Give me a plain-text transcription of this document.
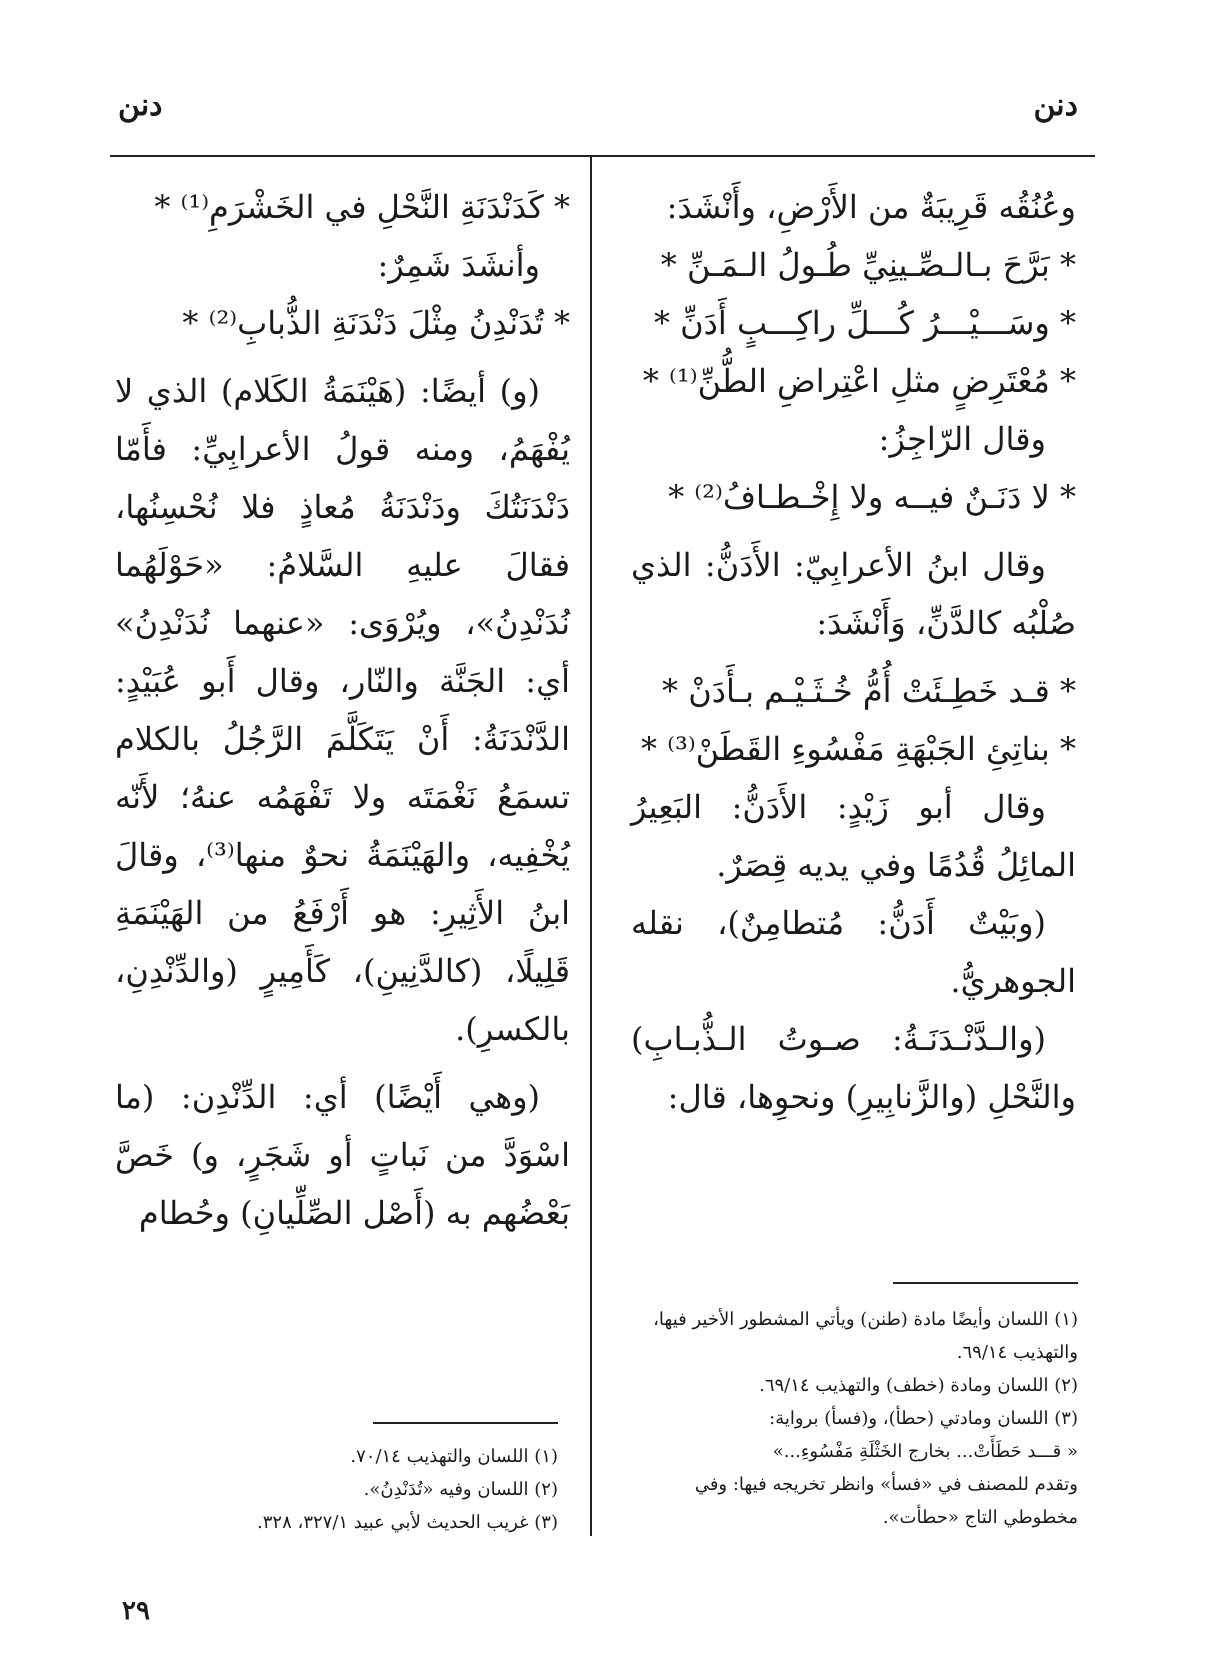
دنن
دنن

وعُنُقُه قَرِيبَةٌ من الأَرْضِ، وأَنْشَدَ:

* بَرَّحَ بـالـصِّـينِيِّ طُـولُ الـمَـنِّ *

* وسَـــيْـــرُ كُـــلِّ راكِـــبٍ أَدَنِّ *

* مُعْتَرِضٍ مثلِ اعْتِراضِ الطُّنِّ⁽¹⁾ *

وقال الرّاجِزُ:

* لا دَنَـنٌ فيــه ولا إِخْـطـافُ⁽²⁾ *

وقال ابنُ الأعرابِيّ: الأَدَنُّ: الذي صُلْبُه كالدَّنِّ، وَأَنْشَدَ:

* قـد خَطِـئَتْ أُمُّ خُـثَـيْـم بـأَدَنْ *

* بناتِئِ الجَبْهَةِ مَفْسُوءِ القَطَنْ⁽³⁾ *

وقال أبو زَيْدٍ: الأَدَنُّ: البَعِيرُ المائِلُ قُدُمًا وفي يديه قِصَرٌ.

(وبَيْتٌ أَدَنُّ: مُتطامِنٌ)، نقله الجوهريُّ.

(والـدَّنْـدَنَـةُ: صـوتُ الـذُّبـابِ) والنَّحْلِ (والزَّنابِيرِ) ونحوِها، قال:

* كَدَنْدَنَةِ النَّحْلِ في الخَشْرَمِ⁽¹⁾ *

وأنشَدَ شَمِرٌ:

* تُدَنْدِنُ مِثْلَ دَنْدَنَةِ الذُّبابِ⁽²⁾ *

(و) أيضًا: (هَيْنَمَةُ الكَلام) الذي لا يُفْهَمُ، ومنه قولُ الأعرابِيِّ: فأَمّا دَنْدَنَتُكَ ودَنْدَنَةُ مُعاذٍ فلا نُحْسِنُها، فقالَ عليهِ السَّلامُ: «حَوْلَهُما نُدَنْدِنُ»، ويُرْوَى: «عنهما نُدَنْدِنُ» أي: الجَنَّة والنّار، وقال أَبو عُبَيْدٍ: الدَّنْدَنَةُ: أَنْ يَتَكَلَّمَ الرَّجُلُ بالكلام تسمَعُ نَغْمَتَه ولا تَفْهَمُه عنهُ؛ لأَنّه يُخْفِيه، والهَيْنَمَةُ نحوٌ منها⁽³⁾، وقالَ ابنُ الأَثِيرِ: هو أَرْفَعُ من الهَيْنَمَةِ قَلِيلًا، (كالدَّنِينِ)، كَأَمِيرٍ (والدِّنْدِنِ، بالكسرِ).

(وهي أَيْضًا) أي: الدِّنْدِن: (ما اسْوَدَّ من نَباتٍ أو شَجَرٍ، و) خَصَّ بَعْضُهم به (أَصْل الصِّلِّيانِ) وحُطام

(١) اللسان وأيضًا مادة (طنن) ويأتي المشطور الأخير فيها، والتهذيب ٦٩/١٤.

(٢) اللسان ومادة (خطف) والتهذيب ٦٩/١٤.

(٣) اللسان ومادتي (حطأ)، و(فسأ) برواية:

« قـــد حَطَأَتْ... بخارج الخَثْلَةِ مَفْسُوءِ...»

وتقدم للمصنف في «فسأ» وانظر تخريجه فيها: وفي مخطوطي التاج «حطأت».

(١) اللسان والتهذيب ٧٠/١٤.

(٢) اللسان وفيه «تُدَنْدِنُ».

(٣) غريب الحديث لأبي عبيد ٣٢٧/١، ٣٢٨.

٢٩
